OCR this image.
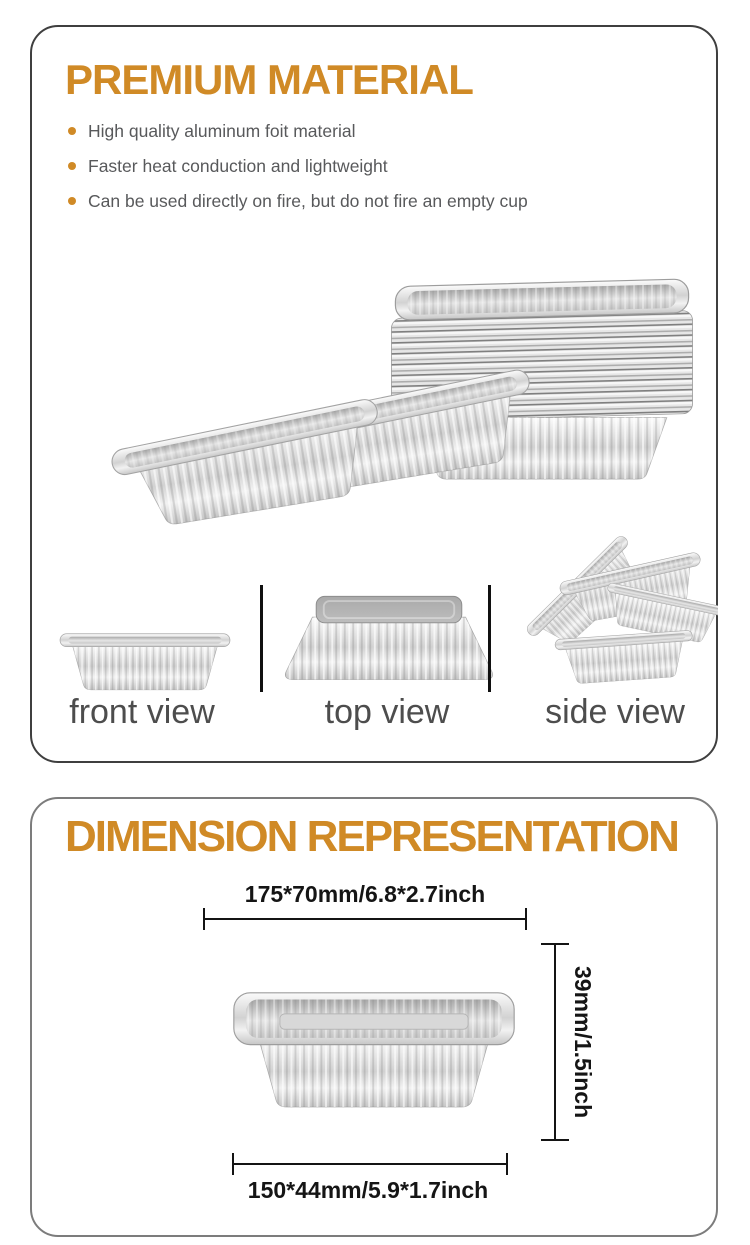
PREMIUM MATERIAL
High quality aluminum foit material
Faster heat conduction and lightweight
Can be used directly on fire, but do not fire an empty cup
front view	top view	side view
DIMENSION REPRESENTATION
175*70mm/6.8*2.7inch
39mm/1.5inch
150*44mm/5.9*1.7inch
